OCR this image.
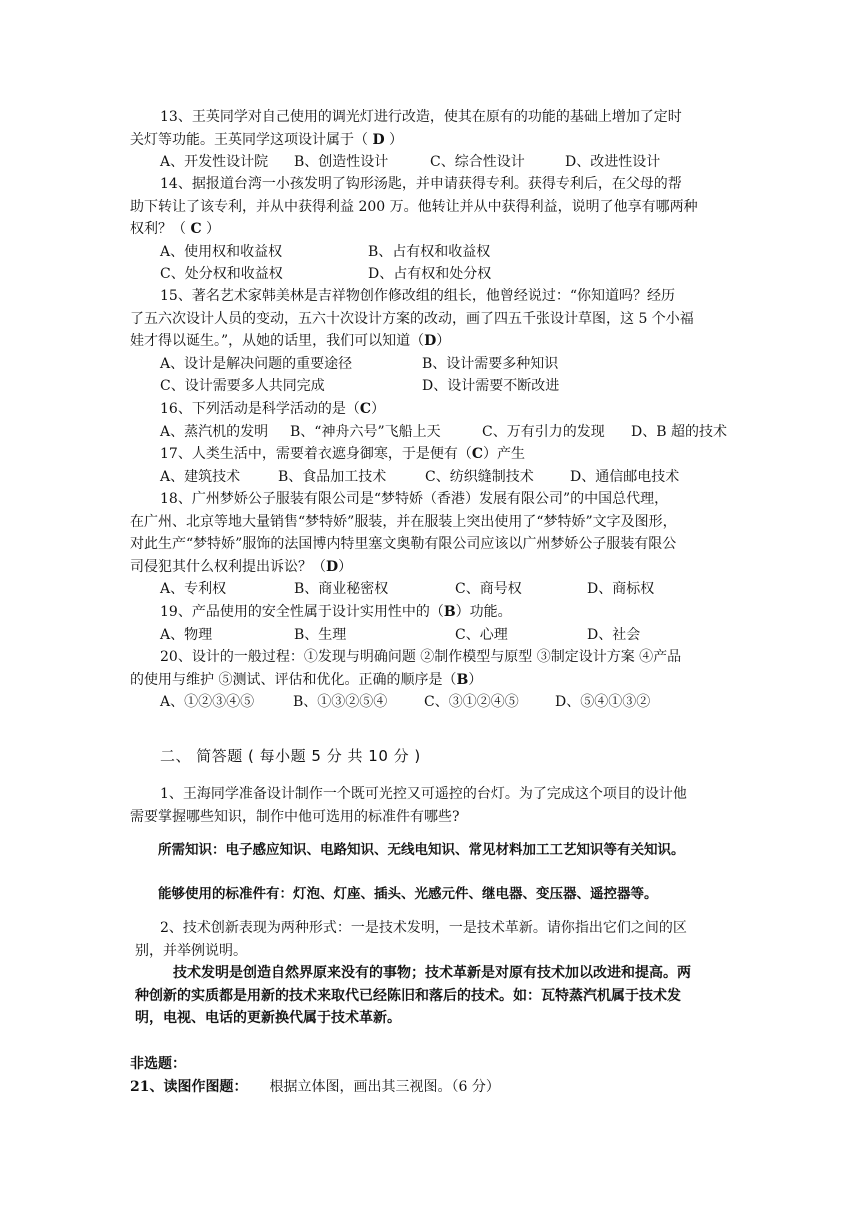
13、王英同学对自己使用的调光灯进行改造，使其在原有的功能的基础上增加了定时
关灯等功能。王英同学这项设计属于（ D ）
A、开发性设计院	B、创造性设计	C、综合性设计	D、改进性设计
14、据报道台湾一小孩发明了钩形汤匙，并申请获得专利。获得专利后，在父母的帮
助下转让了该专利，并从中获得利益 200 万。他转让并从中获得利益，说明了他享有哪两种
权利？（ C ）
A、使用权和收益权	B、占有权和收益权
C、处分权和收益权	D、占有权和处分权
15、著名艺术家韩美林是吉祥物创作修改组的组长，他曾经说过：“你知道吗？经历
了五六次设计人员的变动，五六十次设计方案的改动，画了四五千张设计草图，这 5 个小福
娃才得以诞生。”，从她的话里，我们可以知道（D）
A、设计是解决问题的重要途径	B、设计需要多种知识
C、设计需要多人共同完成	D、设计需要不断改进
16、下列活动是科学活动的是（C）
A、蒸汽机的发明	B、“神舟六号”飞船上天	C、万有引力的发现	D、B 超的技术
17、人类生活中，需要着衣遮身御寒，于是便有（C）产生
A、建筑技术	B、食品加工技术	C、纺织缝制技术	D、通信邮电技术
18、广州梦娇公子服装有限公司是“梦特娇（香港）发展有限公司”的中国总代理，
在广州、北京等地大量销售“梦特娇”服装，并在服装上突出使用了“梦特娇”文字及图形，
对此生产“梦特娇”服饰的法国博内特里塞文奥勒有限公司应该以广州梦娇公子服装有限公
司侵犯其什么权利提出诉讼？（D）
A、专利权	B、商业秘密权	C、商号权	D、商标权
19、产品使用的安全性属于设计实用性中的（B）功能。
A、物理	B、生理	C、心理	D、社会
20、设计的一般过程：①发现与明确问题 ②制作模型与原型 ③制定设计方案 ④产品
的使用与维护 ⑤测试、评估和优化。正确的顺序是（B）
A、①②③④⑤	B、①③②⑤④	C、③①②④⑤	D、⑤④①③②
二、 简答题 ( 每小题 5 分 共 10 分 )
1、王海同学准备设计制作一个既可光控又可遥控的台灯。为了完成这个项目的设计他
需要掌握哪些知识，制作中他可选用的标准件有哪些?
所需知识：电子感应知识、电路知识、无线电知识、常见材料加工工艺知识等有关知识。
能够使用的标准件有：灯泡、灯座、插头、光感元件、继电器、变压器、遥控器等。
2、技术创新表现为两种形式：一是技术发明，一是技术革新。请你指出它们之间的区
别，并举例说明。
技术发明是创造自然界原来没有的事物；技术革新是对原有技术加以改进和提高。两
种创新的实质都是用新的技术来取代已经陈旧和落后的技术。如：瓦特蒸汽机属于技术发
明，电视、电话的更新换代属于技术革新。
非选题：
21、读图作图题： 根据立体图，画出其三视图。（6 分）
